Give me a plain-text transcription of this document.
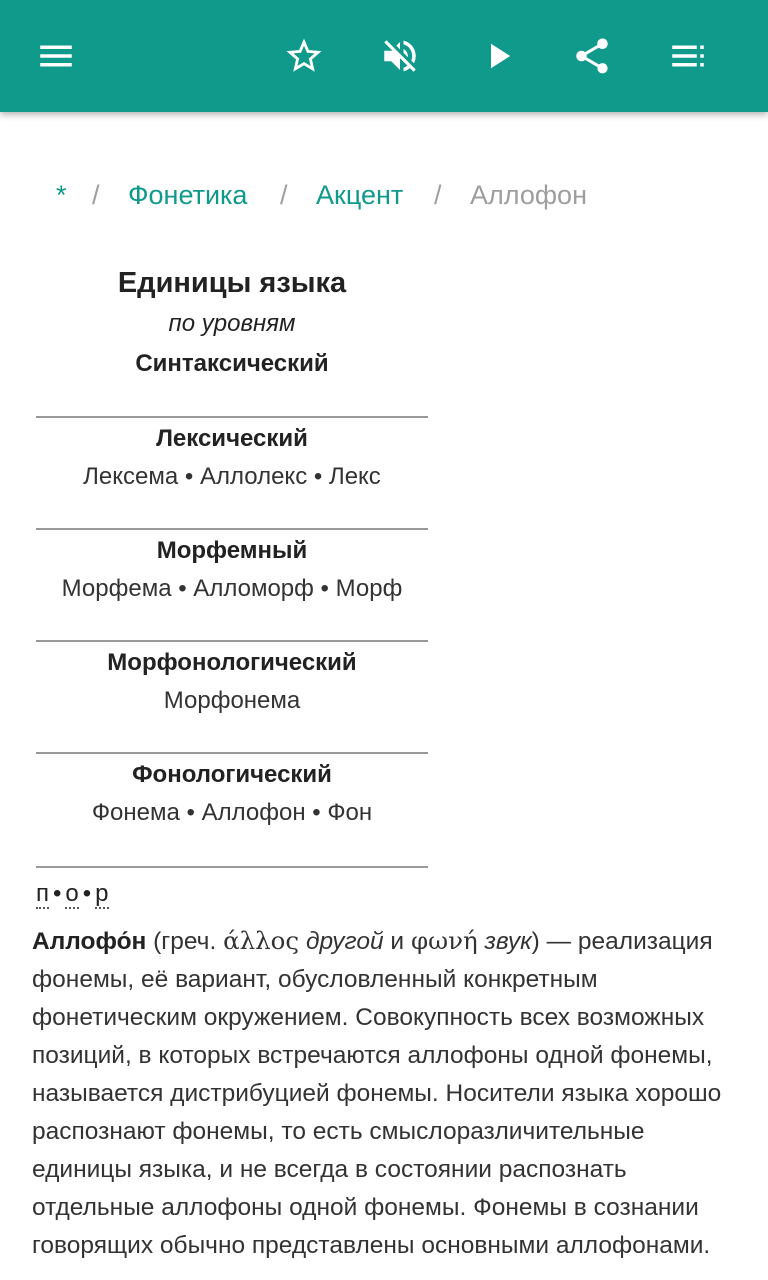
* / Фонетика / Акцент / Аллофон
Единицы языка
по уровням
Синтаксический
Лексический
Лексема • Аллолекс • Лекс
Морфемный
Морфема • Алломорф • Морф
Морфонологический
Морфонема
Фонологический
Фонема • Аллофон • Фон
п • о • р
Аллофо́н (греч. άλλος другой и φωνή звук) — реализация фонемы, её вариант, обусловленный конкретным фонетическим окружением. Совокупность всех возможных позиций, в которых встречаются аллофоны одной фонемы, называется дистрибуцией фонемы. Носители языка хорошо распознают фонемы, то есть смыслоразличительные единицы языка, и не всегда в состоянии распознать отдельные аллофоны одной фонемы. Фонемы в сознании говорящих обычно представлены основными аллофонами.
